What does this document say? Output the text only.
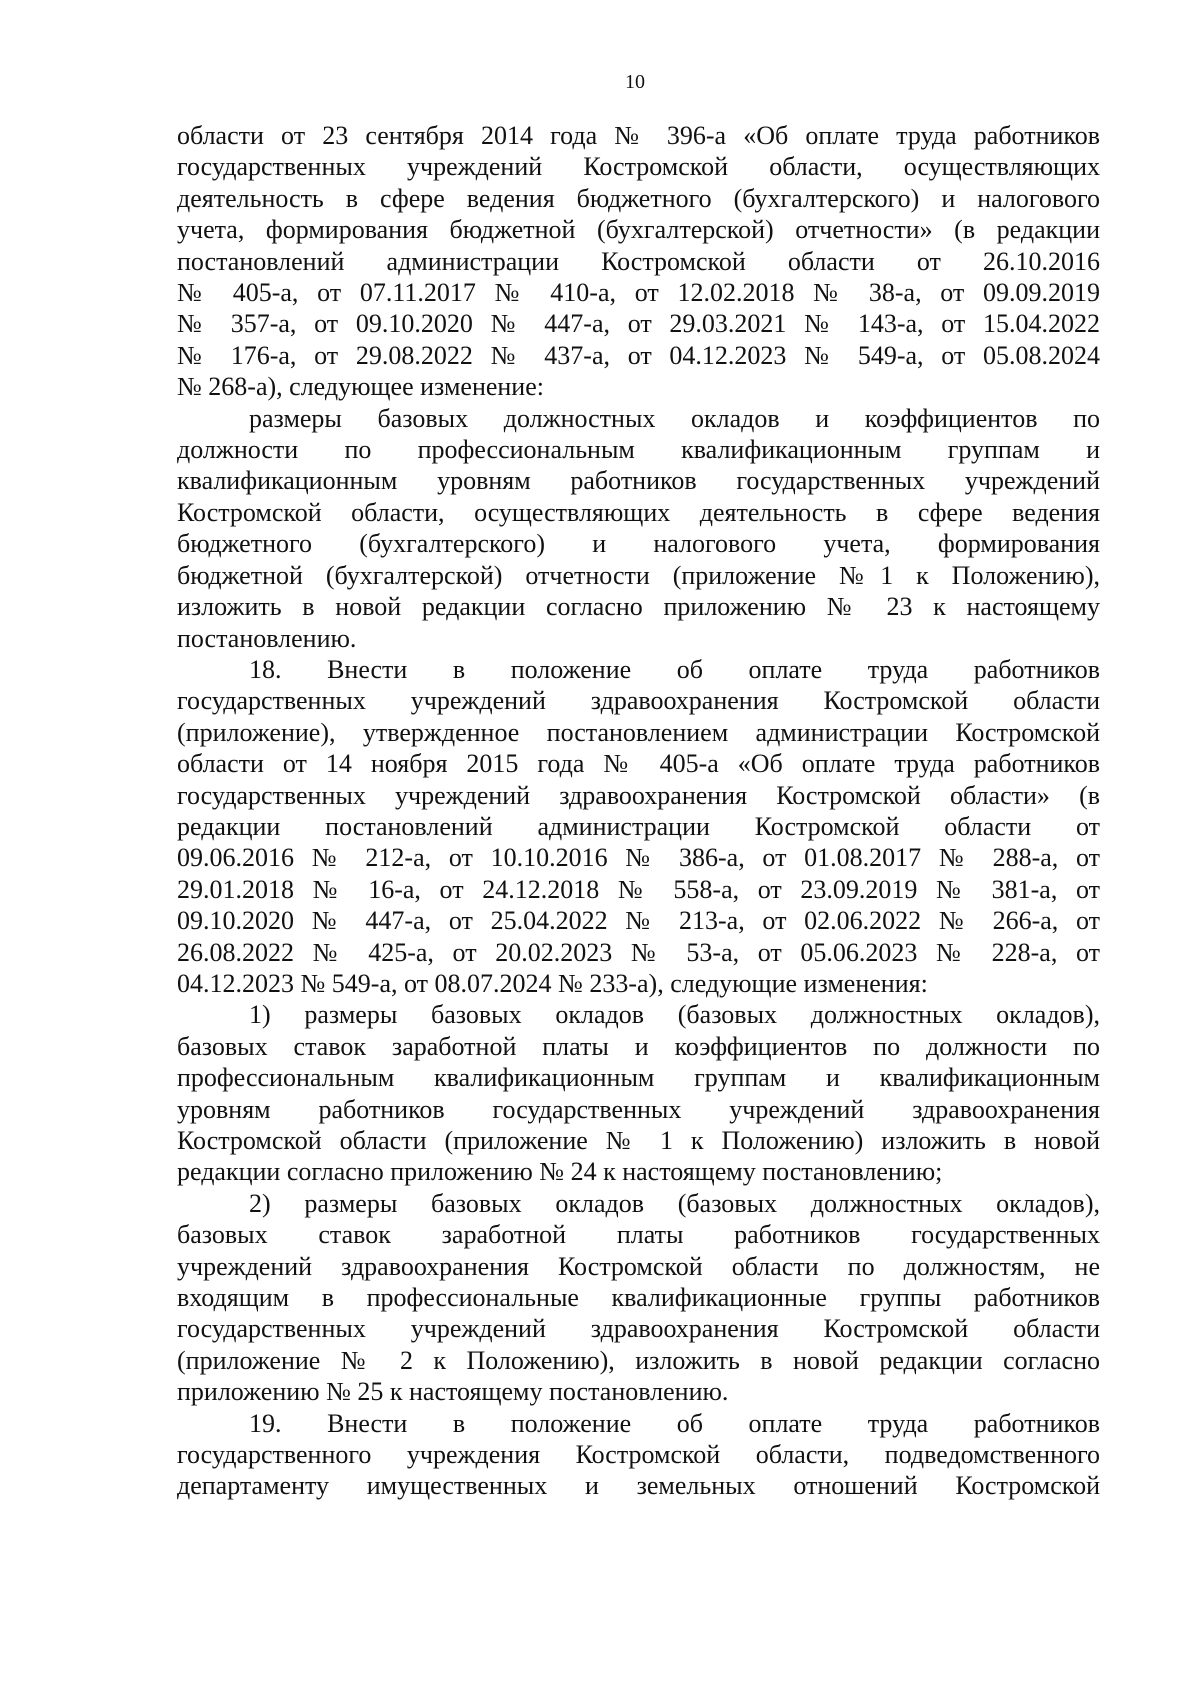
10
области от 23 сентября 2014 года № 396-а «Об оплате труда работников
государственных учреждений Костромской области, осуществляющих
деятельность в сфере ведения бюджетного (бухгалтерского) и налогового
учета, формирования бюджетной (бухгалтерской) отчетности» (в редакции
постановлений администрации Костромской области от 26.10.2016
№ 405-а, от 07.11.2017 № 410-а, от 12.02.2018 № 38-а, от 09.09.2019
№ 357-а, от 09.10.2020 № 447-а, от 29.03.2021 № 143-а, от 15.04.2022
№ 176-а, от 29.08.2022 № 437-а, от 04.12.2023 № 549-а, от 05.08.2024
№ 268-а), следующее изменение:
размеры базовых должностных окладов и коэффициентов по
должности по профессиональным квалификационным группам и
квалификационным уровням работников государственных учреждений
Костромской области, осуществляющих деятельность в сфере ведения
бюджетного (бухгалтерского) и налогового учета, формирования
бюджетной (бухгалтерской) отчетности (приложение №1 к Положению),
изложить в новой редакции согласно приложению № 23 к настоящему
постановлению.
18. Внести в положение об оплате труда работников
государственных учреждений здравоохранения Костромской области
(приложение), утвержденное постановлением администрации Костромской
области от 14 ноября 2015 года № 405-а «Об оплате труда работников
государственных учреждений здравоохранения Костромской области» (в
редакции постановлений администрации Костромской области от
09.06.2016 № 212-а, от 10.10.2016 № 386-а, от 01.08.2017 № 288-а, от
29.01.2018 № 16-а, от 24.12.2018 № 558-а, от 23.09.2019 № 381-а, от
09.10.2020 № 447-а, от 25.04.2022 № 213-а, от 02.06.2022 № 266-а, от
26.08.2022 № 425-а, от 20.02.2023 № 53-а, от 05.06.2023 № 228-а, от
04.12.2023 № 549-а, от 08.07.2024 № 233-а), следующие изменения:
1) размеры базовых окладов (базовых должностных окладов),
базовых ставок заработной платы и коэффициентов по должности по
профессиональным квалификационным группам и квалификационным
уровням работников государственных учреждений здравоохранения
Костромской области (приложение № 1 к Положению) изложить в новой
редакции согласно приложению № 24 к настоящему постановлению;
2) размеры базовых окладов (базовых должностных окладов),
базовых ставок заработной платы работников государственных
учреждений здравоохранения Костромской области по должностям, не
входящим в профессиональные квалификационные группы работников
государственных учреждений здравоохранения Костромской области
(приложение № 2 к Положению), изложить в новой редакции согласно
приложению № 25 к настоящему постановлению.
19. Внести в положение об оплате труда работников
государственного учреждения Костромской области, подведомственного
департаменту имущественных и земельных отношений Костромской
